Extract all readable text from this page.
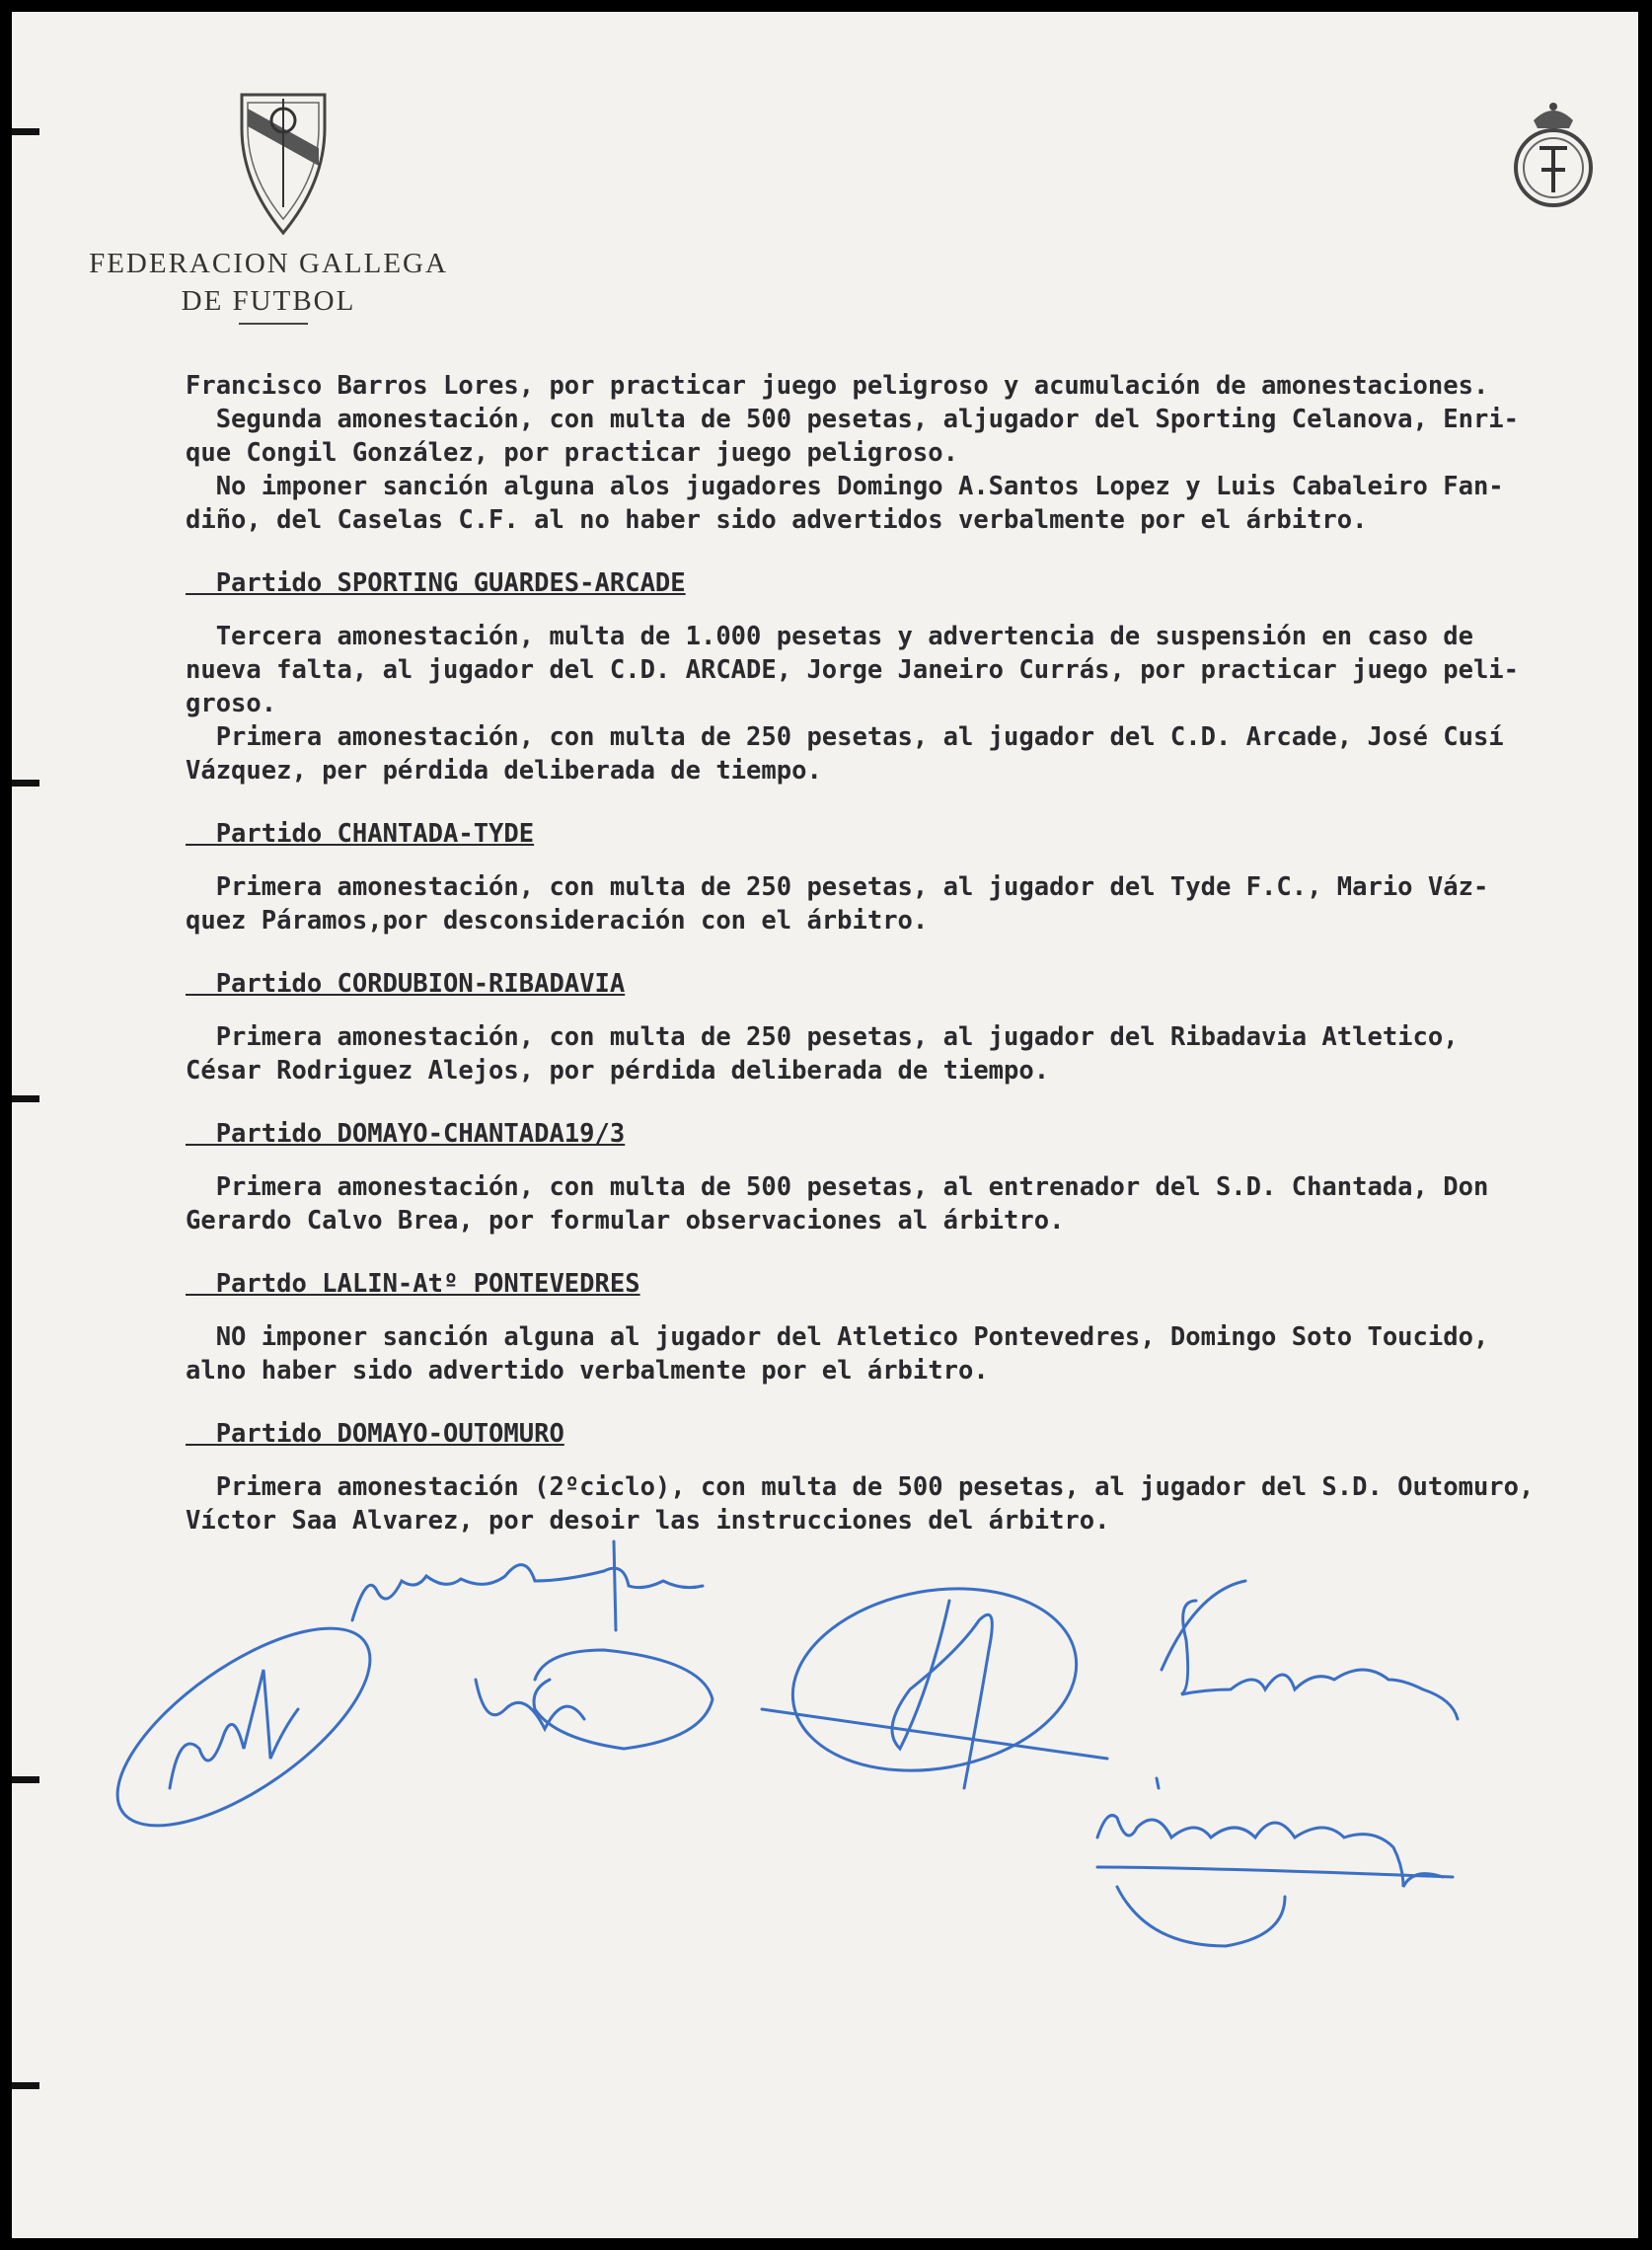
FEDERACION GALLEGA
DE FUTBOL

Francisco Barros Lores, por practicar juego peligroso y acumulación de amonestaciones.

Segunda amonestación, con multa de 500 pesetas, aljugador del Sporting Celanova, Enri-

que Congil González, por practicar juego peligroso.

No imponer sanción alguna alos jugadores Domingo A.Santos Lopez y Luis Cabaleiro Fan-

diño, del Caselas C.F. al no haber sido advertidos verbalmente por el árbitro.

Partido SPORTING GUARDES-ARCADE

Tercera amonestación, multa de 1.000 pesetas y advertencia de suspensión en caso de

nueva falta, al jugador del C.D. ARCADE, Jorge Janeiro Currás, por practicar juego peli-

groso.

Primera amonestación, con multa de 250 pesetas, al jugador del C.D. Arcade, José Cusí

Vázquez, per pérdida deliberada de tiempo.

Partido CHANTADA-TYDE

Primera amonestación, con multa de 250 pesetas, al jugador del Tyde F.C., Mario Váz-

quez Páramos,por desconsideración con el árbitro.

Partido CORDUBION-RIBADAVIA

Primera amonestación, con multa de 250 pesetas, al jugador del Ribadavia Atletico,

César Rodriguez Alejos, por pérdida deliberada de tiempo.

Partido DOMAYO-CHANTADA19/3

Primera amonestación, con multa de 500 pesetas, al entrenador del S.D. Chantada, Don

Gerardo Calvo Brea, por formular observaciones al árbitro.

Partdo LALIN-Atº PONTEVEDRES

NO imponer sanción alguna al jugador del Atletico Pontevedres, Domingo Soto Toucido,

alno haber sido advertido verbalmente por el árbitro.

Partido DOMAYO-OUTOMURO

Primera amonestación (2ºciclo), con multa de 500 pesetas, al jugador del S.D. Outomuro,

Víctor Saa Alvarez, por desoir las instrucciones del árbitro.
